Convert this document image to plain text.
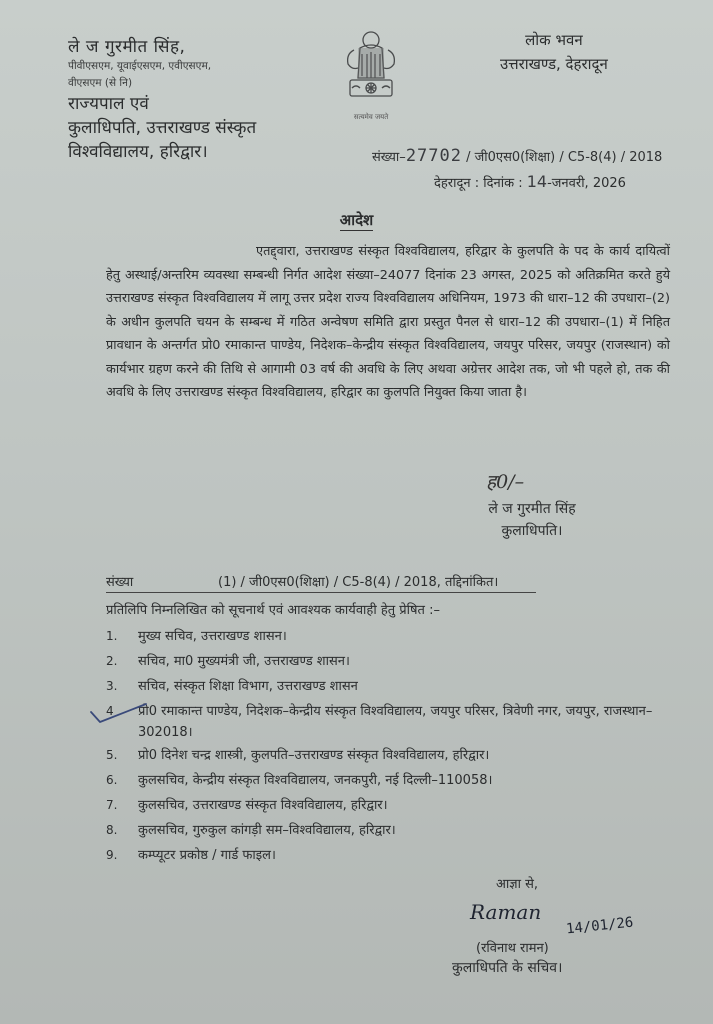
ले ज गुरमीत सिंह,
पीवीएसएम, यूवाईएसएम, एवीएसएम,
वीएसएम (से नि)
राज्यपाल एवं
कुलाधिपति, उत्तराखण्ड संस्कृत
विश्वविद्यालय, हरिद्वार।
सत्यमेव जयते
लोक भवन
उत्तराखण्ड, देहरादून
संख्या–27702 / जी0एस0(शिक्षा) / C5-8(4) / 2018
देहरादून : दिनांक : 14-जनवरी, 2026
आदेश
एतद्द्वारा, उत्तराखण्ड संस्कृत विश्वविद्यालय, हरिद्वार के कुलपति के पद के कार्य दायित्वों हेतु अस्थाई/अन्तरिम व्यवस्था सम्बन्धी निर्गत आदेश संख्या–24077 दिनांक 23 अगस्त, 2025 को अतिक्रमित करते हुये उत्तराखण्ड संस्कृत विश्वविद्यालय में लागू उत्तर प्रदेश राज्य विश्वविद्यालय अधिनियम, 1973 की धारा–12 की उपधारा–(2) के अधीन कुलपति चयन के सम्बन्ध में गठित अन्वेषण समिति द्वारा प्रस्तुत पैनल से धारा–12 की उपधारा–(1) में निहित प्रावधान के अन्तर्गत प्रो0 रमाकान्त पाण्डेय, निदेशक–केन्द्रीय संस्कृत विश्वविद्यालय, जयपुर परिसर, जयपुर (राजस्थान) को कार्यभार ग्रहण करने की तिथि से आगामी 03 वर्ष की अवधि के लिए अथवा अग्रेत्तर आदेश तक, जो भी पहले हो, तक की अवधि के लिए उत्तराखण्ड संस्कृत विश्वविद्यालय, हरिद्वार का कुलपति नियुक्त किया जाता है।
ह0/–
ले ज गुरमीत सिंह
कुलाधिपति।
संख्या	(1) / जी0एस0(शिक्षा) / C5-8(4) / 2018, तद्दिनांकित।
प्रतिलिपि निम्नलिखित को सूचनार्थ एवं आवश्यक कार्यवाही हेतु प्रेषित :–
1.	मुख्य सचिव, उत्तराखण्ड शासन।
2.	सचिव, मा0 मुख्यमंत्री जी, उत्तराखण्ड शासन।
3.	सचिव, संस्कृत शिक्षा विभाग, उत्तराखण्ड शासन
4	प्रो0 रमाकान्त पाण्डेय, निदेशक–केन्द्रीय संस्कृत विश्वविद्यालय, जयपुर परिसर, त्रिवेणी नगर, जयपुर, राजस्थान–302018।
5.	प्रो0 दिनेश चन्द्र शास्त्री, कुलपति–उत्तराखण्ड संस्कृत विश्वविद्यालय, हरिद्वार।
6.	कुलसचिव, केन्द्रीय संस्कृत विश्वविद्यालय, जनकपुरी, नई दिल्ली–110058।
7.	कुलसचिव, उत्तराखण्ड संस्कृत विश्वविद्यालय, हरिद्वार।
8.	कुलसचिव, गुरुकुल कांगड़ी सम–विश्वविद्यालय, हरिद्वार।
9.	कम्प्यूटर प्रकोष्ठ / गार्ड फाइल।
आज्ञा से,
Raman
14/01/26
(रविनाथ रामन)
कुलाधिपति के सचिव।
